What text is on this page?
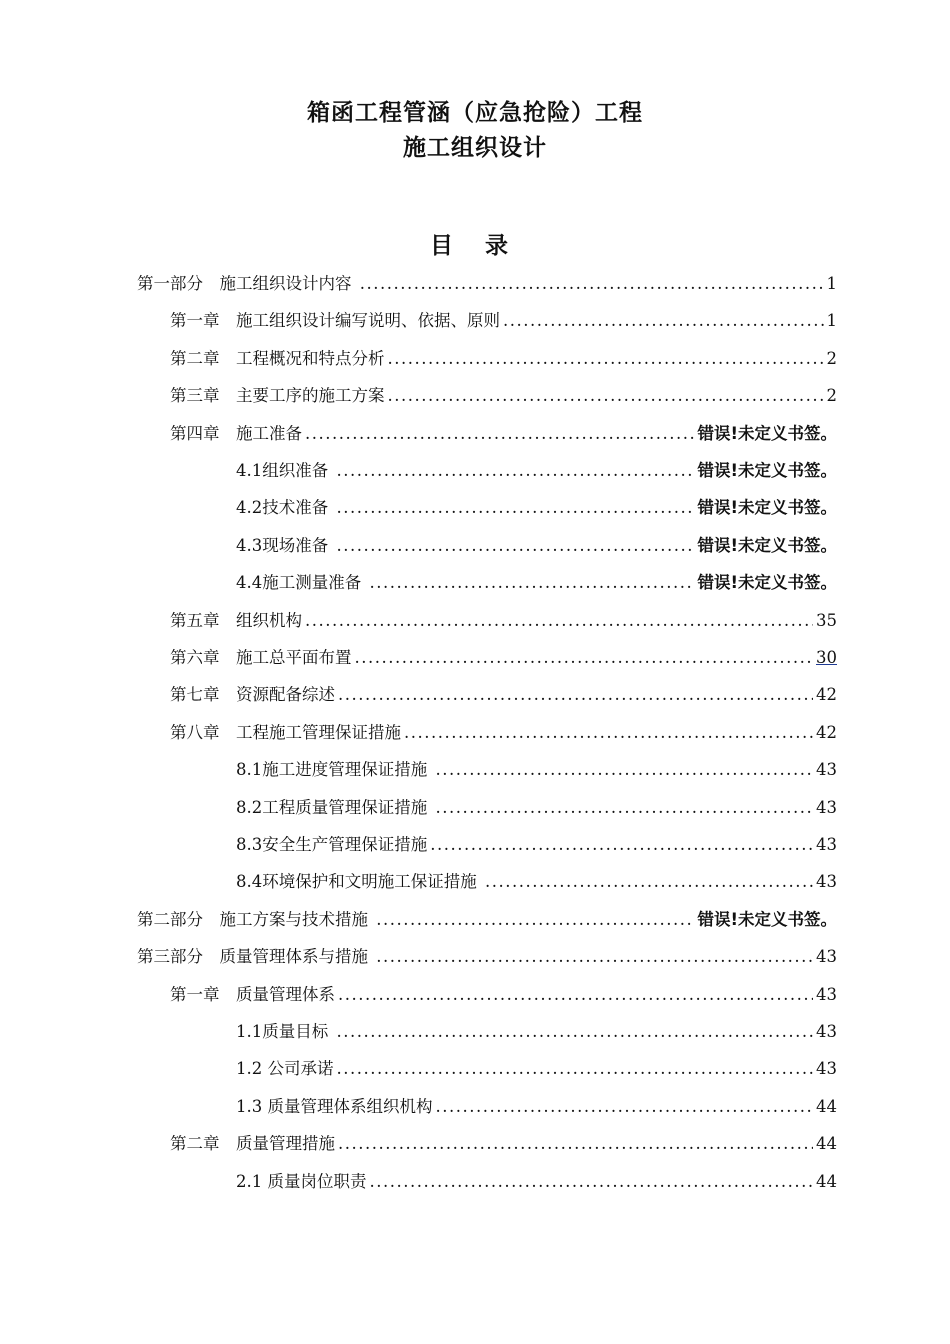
箱函工程管涵（应急抢险）工程
施工组织设计
目 录
第一部分　施工组织设计内容 .....	1
第一章　施工组织设计编写说明、依据、原则 .....	1
第二章　工程概况和特点分析 .....	2
第三章　主要工序的施工方案 .....	2
第四章　施工准备 .....	错误!未定义书签。
4.1组织准备 .....	错误!未定义书签。
4.2技术准备 .....	错误!未定义书签。
4.3现场准备 .....	错误!未定义书签。
4.4施工测量准备 .....	错误!未定义书签。
第五章　组织机构 .....	35
第六章　施工总平面布置 .....	30
第七章　资源配备综述 .....	42
第八章　工程施工管理保证措施 .....	42
8.1施工进度管理保证措施 .....	43
8.2工程质量管理保证措施 .....	43
8.3安全生产管理保证措施 .....	43
8.4环境保护和文明施工保证措施 .....	43
第二部分　施工方案与技术措施 .....	错误!未定义书签。
第三部分　质量管理体系与措施 .....	43
第一章　质量管理体系 .....	43
1.1质量目标 .....	43
1.2 公司承诺 .....	43
1.3 质量管理体系组织机构 .....	44
第二章　质量管理措施 .....	44
2.1 质量岗位职责 .....	44
